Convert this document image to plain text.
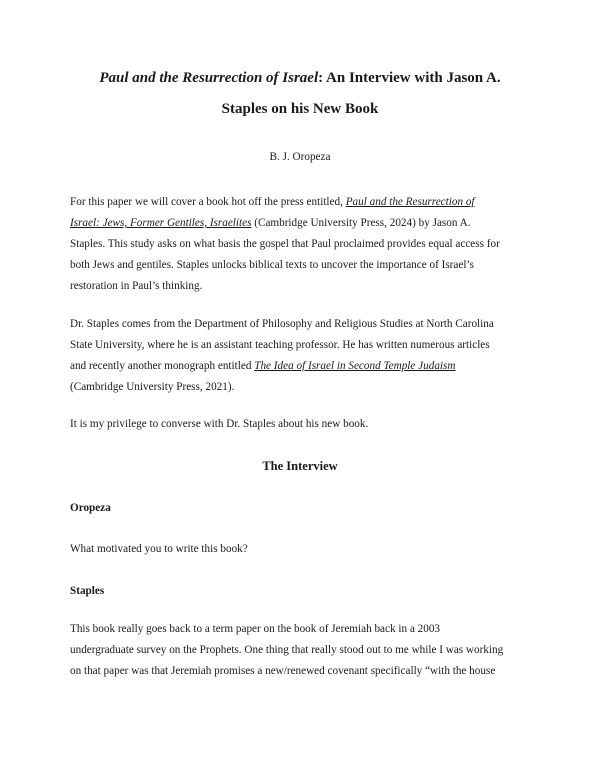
Paul and the Resurrection of Israel: An Interview with Jason A.
Staples on his New Book

B. J. Oropeza

For this paper we will cover a book hot off the press entitled, Paul and the Resurrection of
Israel: Jews, Former Gentiles, Israelites (Cambridge University Press, 2024) by Jason A.
Staples. This study asks on what basis the gospel that Paul proclaimed provides equal access for
both Jews and gentiles. Staples unlocks biblical texts to uncover the importance of Israel’s
restoration in Paul’s thinking.
Dr. Staples comes from the Department of Philosophy and Religious Studies at North Carolina
State University, where he is an assistant teaching professor. He has written numerous articles
and recently another monograph entitled The Idea of Israel in Second Temple Judaism
(Cambridge University Press, 2021).
It is my privilege to converse with Dr. Staples about his new book.
The Interview

Oropeza

What motivated you to write this book?

Staples

This book really goes back to a term paper on the book of Jeremiah back in a 2003
undergraduate survey on the Prophets. One thing that really stood out to me while I was working
on that paper was that Jeremiah promises a new/renewed covenant specifically “with the house
